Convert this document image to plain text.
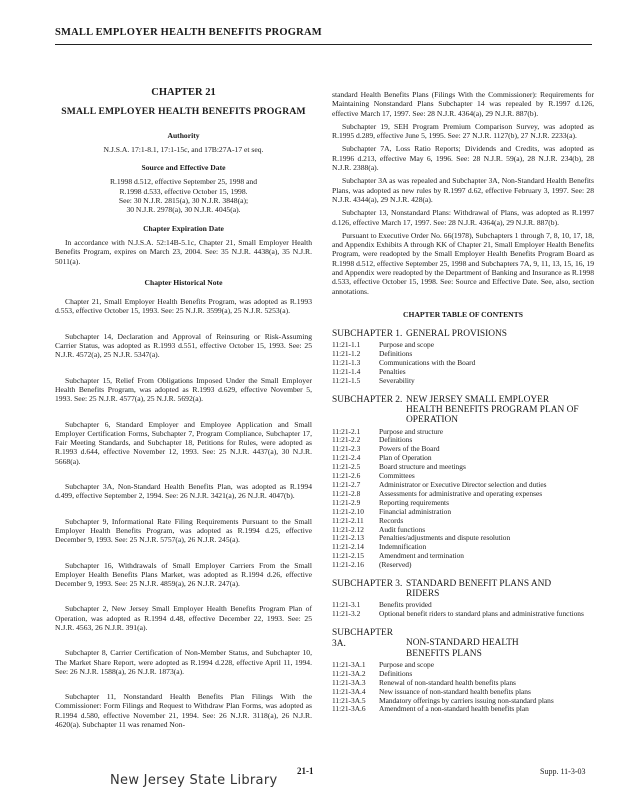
SMALL EMPLOYER HEALTH BENEFITS PROGRAM
CHAPTER 21
SMALL EMPLOYER HEALTH BENEFITS PROGRAM
Authority
N.J.S.A. 17:1-8.1, 17:1-15c, and 17B:27A-17 et seq.
Source and Effective Date
R.1998 d.512, effective September 25, 1998 and
R.1998 d.533, effective October 15, 1998.
See: 30 N.J.R. 2815(a), 30 N.J.R. 3848(a);
30 N.J.R. 2978(a), 30 N.J.R. 4045(a).
Chapter Expiration Date
In accordance with N.J.S.A. 52:14B-5.1c, Chapter 21, Small Employer Health Benefits Program, expires on March 23, 2004. See: 35 N.J.R. 4438(a), 35 N.J.R. 5011(a).
Chapter Historical Note
Chapter 21, Small Employer Health Benefits Program, was adopted as R.1993 d.553, effective October 15, 1993. See: 25 N.J.R. 3599(a), 25 N.J.R. 5253(a).
Subchapter 14, Declaration and Approval of Reinsuring or Risk-Assuming Carrier Status, was adopted as R.1993 d.551, effective October 15, 1993. See: 25 N.J.R. 4572(a), 25 N.J.R. 5347(a).
Subchapter 15, Relief From Obligations Imposed Under the Small Employer Health Benefits Program, was adopted as R.1993 d.629, effective November 5, 1993. See: 25 N.J.R. 4577(a), 25 N.J.R. 5692(a).
Subchapter 6, Standard Employer and Employee Application and Small Employer Certification Forms, Subchapter 7, Program Compliance, Subchapter 17, Fair Meeting Standards, and Subchapter 18, Petitions for Rules, were adopted as R.1993 d.644, effective November 12, 1993. See: 25 N.J.R. 4437(a), 30 N.J.R. 5668(a).
Subchapter 3A, Non-Standard Health Benefits Plan, was adopted as R.1994 d.499, effective September 2, 1994. See: 26 N.J.R. 3421(a), 26 N.J.R. 4047(b).
Subchapter 9, Informational Rate Filing Requirements Pursuant to the Small Employer Health Benefits Program, was adopted as R.1994 d.25, effective December 9, 1993. See: 25 N.J.R. 5757(a), 26 N.J.R. 245(a).
Subchapter 16, Withdrawals of Small Employer Carriers From the Small Employer Health Benefits Plans Market, was adopted as R.1994 d.26, effective December 9, 1993. See: 25 N.J.R. 4859(a), 26 N.J.R. 247(a).
Subchapter 2, New Jersey Small Employer Health Benefits Program Plan of Operation, was adopted as R.1994 d.48, effective December 22, 1993. See: 25 N.J.R. 4563, 26 N.J.R. 391(a).
Subchapter 8, Carrier Certification of Non-Member Status, and Subchapter 10, The Market Share Report, were adopted as R.1994 d.228, effective April 11, 1994. See: 26 N.J.R. 1588(a), 26 N.J.R. 1873(a).
Subchapter 11, Nonstandard Health Benefits Plan Filings With the Commissioner: Form Filings and Request to Withdraw Plan Forms, was adopted as R.1994 d.580, effective November 21, 1994. See: 26 N.J.R. 3118(a), 26 N.J.R. 4620(a). Subchapter 11 was renamed Non-
standard Health Benefits Plans (Filings With the Commissioner): Requirements for Maintaining Nonstandard Plans Subchapter 14 was repealed by R.1997 d.126, effective March 17, 1997. See: 28 N.J.R. 4364(a), 29 N.J.R. 887(b).
Subchapter 19, SEH Program Premium Comparison Survey, was adopted as R.1995 d.289, effective June 5, 1995. See: 27 N.J.R. 1127(b), 27 N.J.R. 2233(a).
Subchapter 7A, Loss Ratio Reports; Dividends and Credits, was adopted as R.1996 d.213, effective May 6, 1996. See: 28 N.J.R. 59(a), 28 N.J.R. 234(b), 28 N.J.R. 2388(a).
Subchapter 3A as was repealed and Subchapter 3A, Non-Standard Health Benefits Plans, was adopted as new rules by R.1997 d.62, effective February 3, 1997. See: 28 N.J.R. 4344(a), 29 N.J.R. 428(a).
Subchapter 13, Nonstandard Plans: Withdrawal of Plans, was adopted as R.1997 d.126, effective March 17, 1997. See: 28 N.J.R. 4364(a), 29 N.J.R. 887(b).
Pursuant to Executive Order No. 66(1978), Subchapters 1 through 7, 8, 10, 17, 18, and Appendix Exhibits A through KK of Chapter 21, Small Employer Health Benefits Program, were readopted by the Small Employer Health Benefits Program Board as R.1998 d.512, effective September 25, 1998 and Subchapters 7A, 9, 11, 13, 15, 16, 19 and Appendix were readopted by the Department of Banking and Insurance as R.1998 d.533, effective October 15, 1998. See: Source and Effective Date. See, also, section annotations.
CHAPTER TABLE OF CONTENTS
SUBCHAPTER 1. GENERAL PROVISIONS
11:21-1.1	Purpose and scope
11:21-1.2	Definitions
11:21-1.3	Communications with the Board
11:21-1.4	Penalties
11:21-1.5	Severability
SUBCHAPTER 2. NEW JERSEY SMALL EMPLOYER
HEALTH BENEFITS PROGRAM PLAN OF
OPERATION
11:21-2.1	Purpose and structure
11:21-2.2	Definitions
11:21-2.3	Powers of the Board
11:21-2.4	Plan of Operation
11:21-2.5	Board structure and meetings
11:21-2.6	Committees
11:21-2.7	Administrator or Executive Director selection and duties
11:21-2.8	Assessments for administrative and operating expenses
11:21-2.9	Reporting requirements
11:21-2.10	Financial administration
11:21-2.11	Records
11:21-2.12	Audit functions
11:21-2.13	Penalties/adjustments and dispute resolution
11:21-2.14	Indemnification
11:21-2.15	Amendment and termination
11:21-2.16	(Reserved)
SUBCHAPTER 3. STANDARD BENEFIT PLANS AND
RIDERS
11:21-3.1	Benefits provided
11:21-3.2	Optional benefit riders to standard plans and administrative functions
SUBCHAPTER 3A.	NON-STANDARD HEALTH
BENEFITS PLANS
11:21-3A.1	Purpose and scope
11:21-3A.2	Definitions
11:21-3A.3	Renewal of non-standard health benefits plans
11:21-3A.4	New issuance of non-standard health benefits plans
11:21-3A.5	Mandatory offerings by carriers issuing non-standard plans
11:21-3A.6	Amendment of a non-standard health benefits plan
New Jersey State Library
21-1	Supp. 11-3-03
